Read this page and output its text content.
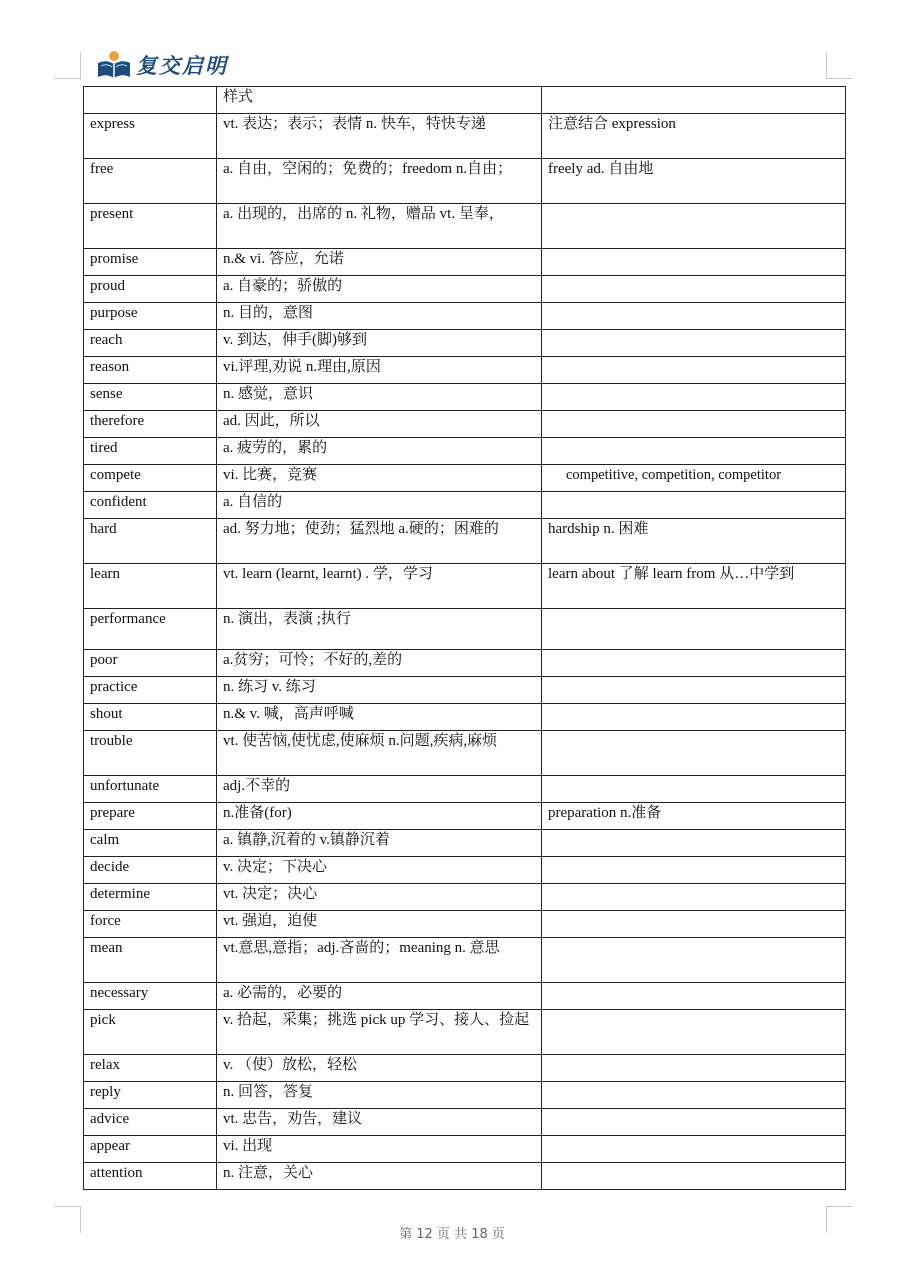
复交启明
	样式	
express	vt. 表达；表示；表情 n. 快车，特快专递	注意结合 expression
free	a. 自由，空闲的；免费的；freedom n.自由；	freely ad. 自由地
present	a. 出现的，出席的 n. 礼物，赠品 vt. 呈奉，	
promise	n.& vi. 答应，允诺	
proud	a. 自豪的；骄傲的	
purpose	n. 目的，意图	
reach	v. 到达，伸手(脚)够到	
reason	vi.评理,劝说 n.理由,原因	
sense	n. 感觉，意识	
therefore	ad. 因此，所以	
tired	a. 疲劳的，累的	
compete	vi. 比赛，竞赛	competitive, competition, competitor
confident	a. 自信的	
hard	ad. 努力地；使劲；猛烈地 a.硬的；困难的	hardship n. 困难
learn	vt. learn (learnt, learnt) . 学，学习	learn about 了解 learn from 从…中学到
performance	n. 演出，表演 ;执行	
poor	a.贫穷；可怜；不好的,差的	
practice	n. 练习 v. 练习	
shout	n.& v. 喊，高声呼喊	
trouble	vt. 使苦恼,使忧虑,使麻烦 n.问题,疾病,麻烦	
unfortunate	adj.不幸的	
prepare	n.准备(for)	preparation n.准备
calm	a. 镇静,沉着的 v.镇静沉着	
decide	v. 决定；下决心	
determine	vt. 决定；决心	
force	vt. 强迫，迫使	
mean	vt.意思,意指；adj.吝啬的；meaning n. 意思	
necessary	a. 必需的，必要的	
pick	v. 拾起，采集；挑选 pick up 学习、接人、捡起	
relax	v. （使）放松，轻松	
reply	n. 回答，答复	
advice	vt. 忠告，劝告，建议	
appear	vi. 出现	
attention	n. 注意，关心	
第 12 页 共 18 页
